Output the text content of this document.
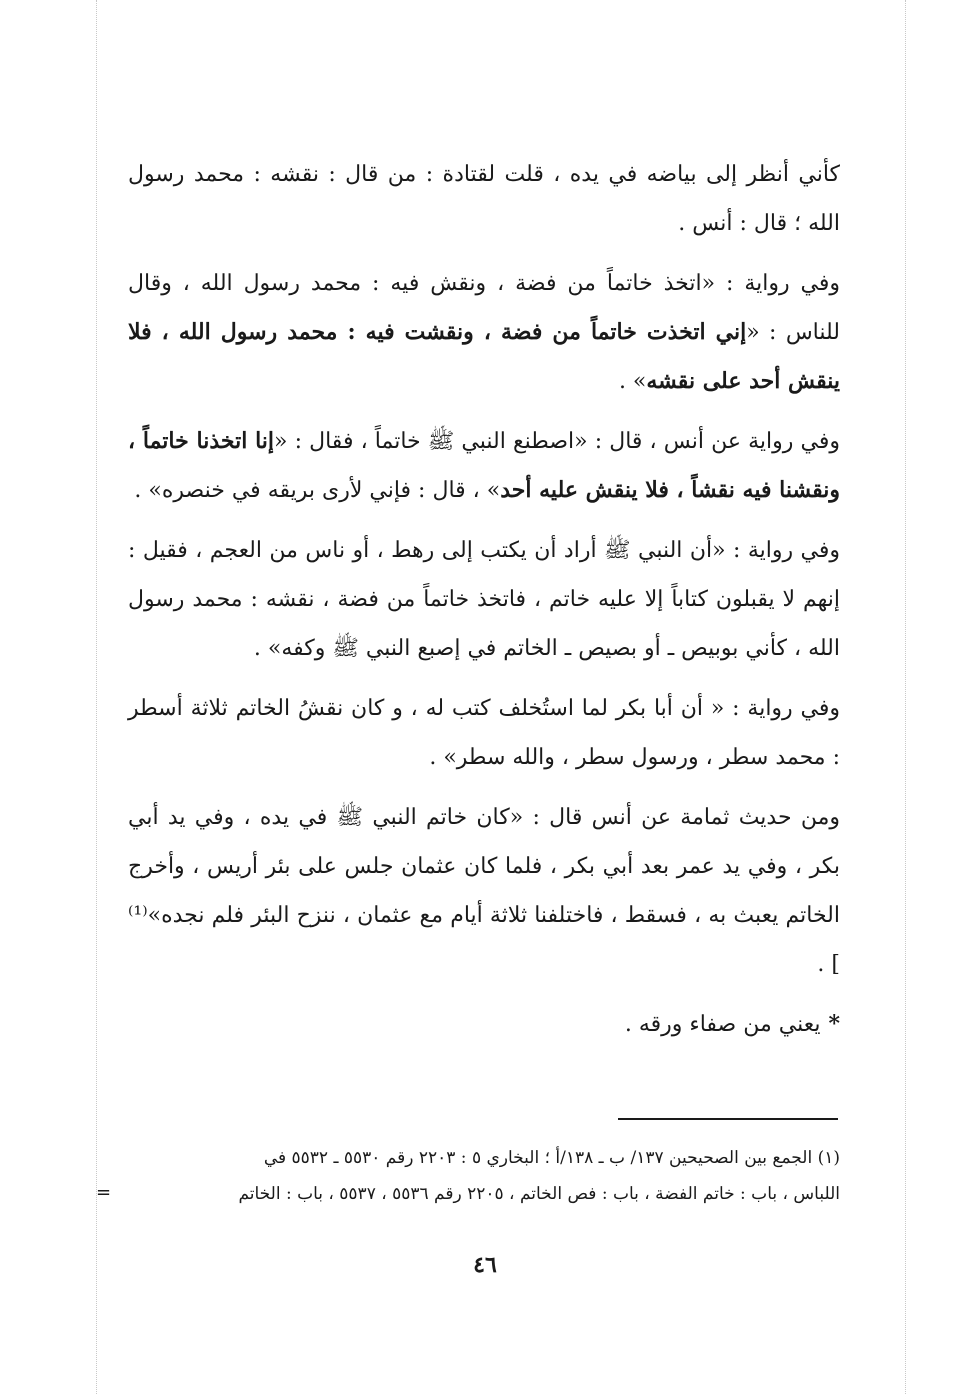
كأني أنظر إلى بياضه في يده ، قلت لقتادة : من قال : نقشه : محمد رسول الله ؛ قال : أنس .

وفي رواية : «اتخذ خاتماً من فضة ، ونقش فيه : محمد رسول الله ، وقال للناس : «إني اتخذت خاتماً من فضة ، ونقشت فيه : محمد رسول الله ، فلا ينقش أحد على نقشه» .

وفي رواية عن أنس ، قال : «اصطنع النبي ﷺ خاتماً ، فقال : «إنا اتخذنا خاتماً ، ونقشنا فيه نقشاً ، فلا ينقش عليه أحد» ، قال : فإني لأرى بريقه في خنصره» .

وفي رواية : «أن النبي ﷺ أراد أن يكتب إلى رهط ، أو ناس من العجم ، فقيل : إنهم لا يقبلون كتاباً إلا عليه خاتم ، فاتخذ خاتماً من فضة ، نقشه : محمد رسول الله ، كأني بوبيص ـ أو بصيص ـ الخاتم في إصبع النبي ﷺ وكفه» .

وفي رواية : « أن أبا بكر لما استُخلف كتب له ، و كان نقشُ الخاتم ثلاثة أسطر : محمد سطر ، ورسول سطر ، والله سطر» .

ومن حديث ثمامة عن أنس قال : «كان خاتم النبي ﷺ في يده ، وفي يد أبي بكر ، وفي يد عمر بعد أبي بكر ، فلما كان عثمان جلس على بئر أريس ، وأخرج الخاتم يعبث به ، فسقط ، فاختلفنا ثلاثة أيام مع عثمان ، ننزح البئر فلم نجده»⁽¹⁾ ] .

*يعني من صفاء ورقه .

(١) الجمع بين الصحيحين ١٣٧/ ب ـ ١٣٨/أ ؛ البخاري ٥ : ٢٢٠٣ رقم ٥٥٣٠ ـ ٥٥٣٢ في

اللباس ، باب : خاتم الفضة ، باب : فص الخاتم ، ٢٢٠٥ رقم ٥٥٣٦ ، ٥٥٣٧ ، باب : الخاتم

=
٤٦
